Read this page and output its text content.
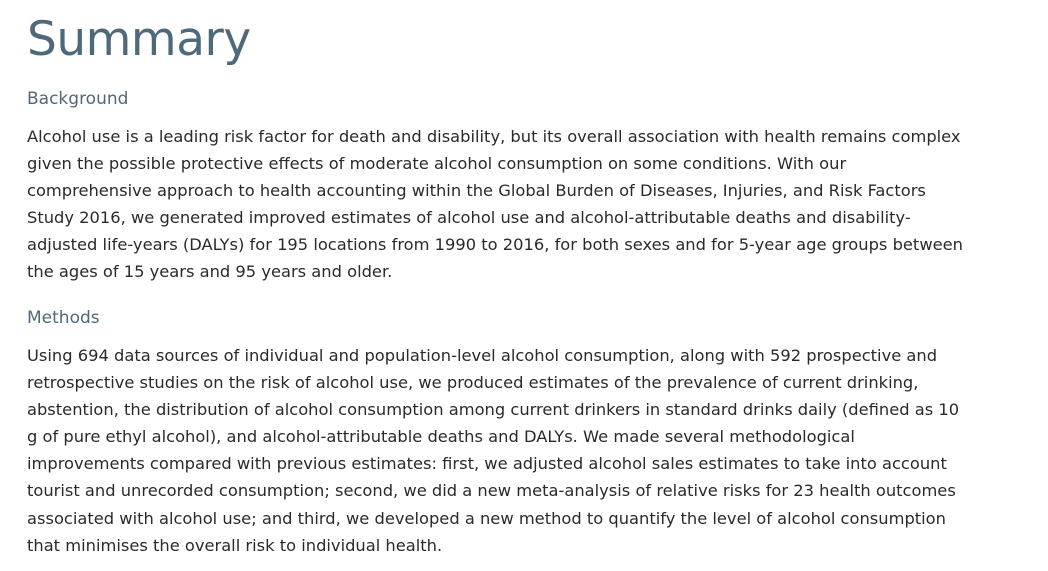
Summary
Background
Alcohol use is a leading risk factor for death and disability, but its overall association with health remains complex
given the possible protective effects of moderate alcohol consumption on some conditions. With our
comprehensive approach to health accounting within the Global Burden of Diseases, Injuries, and Risk Factors
Study 2016, we generated improved estimates of alcohol use and alcohol-attributable deaths and disability-
adjusted life-years (DALYs) for 195 locations from 1990 to 2016, for both sexes and for 5-year age groups between
the ages of 15 years and 95 years and older.
Methods
Using 694 data sources of individual and population-level alcohol consumption, along with 592 prospective and
retrospective studies on the risk of alcohol use, we produced estimates of the prevalence of current drinking,
abstention, the distribution of alcohol consumption among current drinkers in standard drinks daily (defined as 10
g of pure ethyl alcohol), and alcohol-attributable deaths and DALYs. We made several methodological
improvements compared with previous estimates: first, we adjusted alcohol sales estimates to take into account
tourist and unrecorded consumption; second, we did a new meta-analysis of relative risks for 23 health outcomes
associated with alcohol use; and third, we developed a new method to quantify the level of alcohol consumption
that minimises the overall risk to individual health.
